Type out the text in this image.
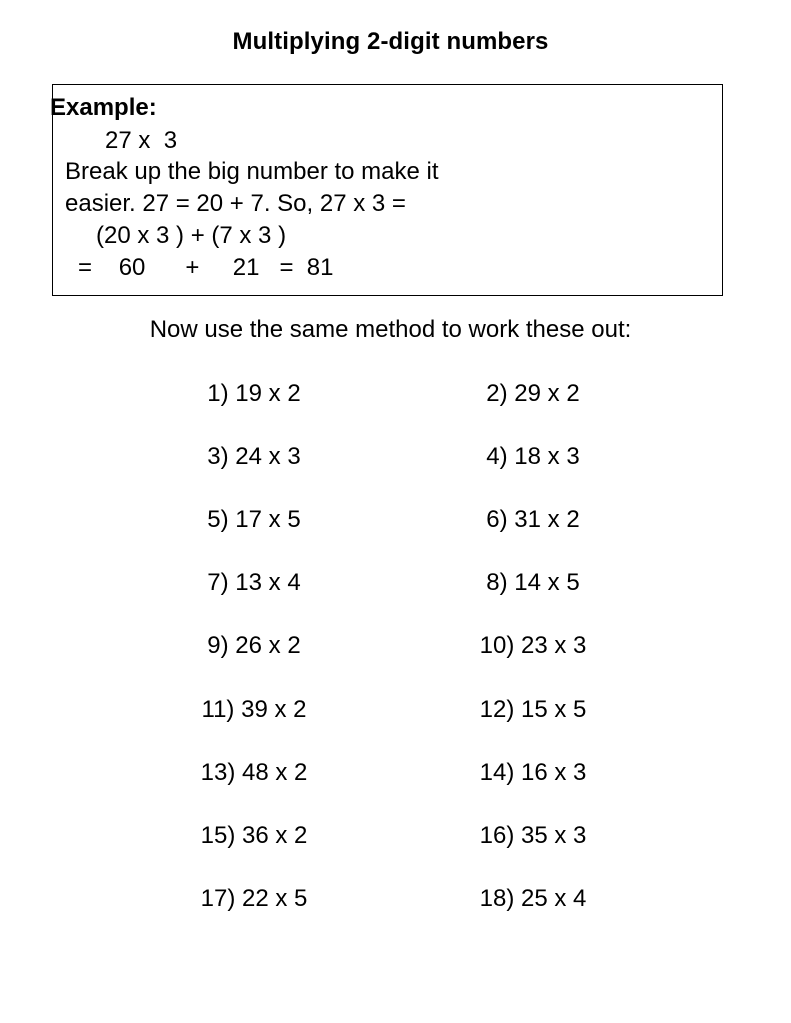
Multiplying 2-digit numbers
Example:
27 x  3
Break up the big number to make it
easier. 27 = 20 + 7. So, 27 x 3 =
(20 x 3 ) + (7 x 3 )
=    60      +     21   =  81
Now use the same method to work these out:
1) 19 x 2	2) 29 x 2
3) 24 x 3	4) 18 x 3
5) 17 x 5	6) 31 x 2
7) 13 x 4	8) 14 x 5
9) 26 x 2	10) 23 x 3
11) 39 x 2	12) 15 x 5
13) 48 x 2	14) 16 x 3
15) 36 x 2	16) 35 x 3
17) 22 x 5	18) 25 x 4
